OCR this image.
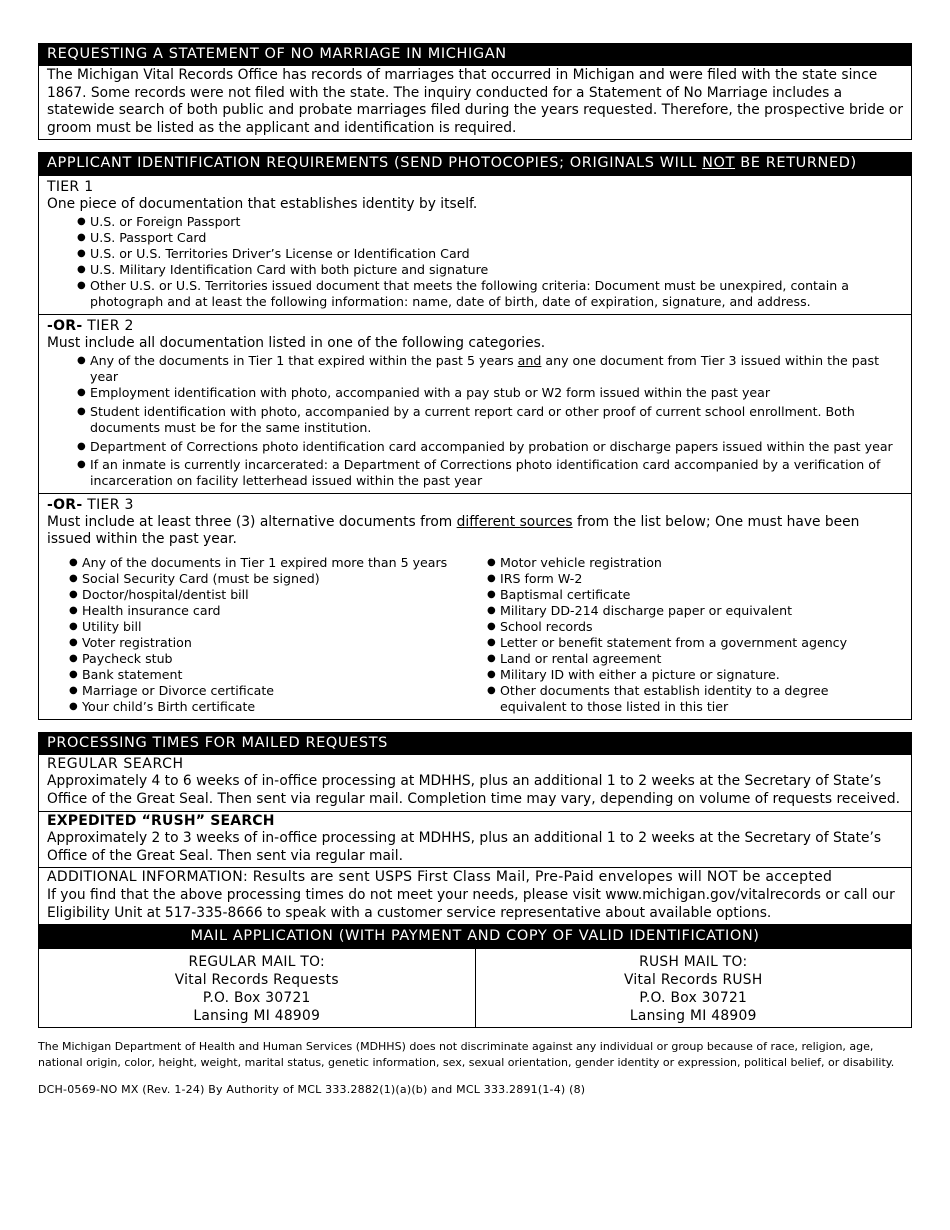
REQUESTING A STATEMENT OF NO MARRIAGE IN MICHIGAN
The Michigan Vital Records Office has records of marriages that occurred in Michigan and were filed with the state since 1867. Some records were not filed with the state. The inquiry conducted for a Statement of No Marriage includes a statewide search of both public and probate marriages filed during the years requested. Therefore, the prospective bride or groom must be listed as the applicant and identification is required.
APPLICANT IDENTIFICATION REQUIREMENTS (SEND PHOTOCOPIES; ORIGINALS WILL NOT BE RETURNED)
TIER 1
One piece of documentation that establishes identity by itself.
● U.S. or Foreign Passport
● U.S. Passport Card
● U.S. or U.S. Territories Driver’s License or Identification Card
● U.S. Military Identification Card with both picture and signature
● Other U.S. or U.S. Territories issued document that meets the following criteria: Document must be unexpired, contain a photograph and at least the following information: name, date of birth, date of expiration, signature, and address.
-OR- TIER 2
Must include all documentation listed in one of the following categories.
● Any of the documents in Tier 1 that expired within the past 5 years and any one document from Tier 3 issued within the past year
● Employment identification with photo, accompanied with a pay stub or W2 form issued within the past year
● Student identification with photo, accompanied by a current report card or other proof of current school enrollment. Both documents must be for the same institution.
● Department of Corrections photo identification card accompanied by probation or discharge papers issued within the past year
● If an inmate is currently incarcerated: a Department of Corrections photo identification card accompanied by a verification of incarceration on facility letterhead issued within the past year
-OR- TIER 3
Must include at least three (3) alternative documents from different sources from the list below; One must have been issued within the past year.
● Any of the documents in Tier 1 expired more than 5 years
● Social Security Card (must be signed)
● Doctor/hospital/dentist bill
● Health insurance card
● Utility bill
● Voter registration
● Paycheck stub
● Bank statement
● Marriage or Divorce certificate
● Your child’s Birth certificate
● Motor vehicle registration
● IRS form W-2
● Baptismal certificate
● Military DD-214 discharge paper or equivalent
● School records
● Letter or benefit statement from a government agency
● Land or rental agreement
● Military ID with either a picture or signature.
● Other documents that establish identity to a degree equivalent to those listed in this tier
PROCESSING TIMES FOR MAILED REQUESTS
REGULAR SEARCH
Approximately 4 to 6 weeks of in-office processing at MDHHS, plus an additional 1 to 2 weeks at the Secretary of State’s Office of the Great Seal. Then sent via regular mail. Completion time may vary, depending on volume of requests received.
EXPEDITED “RUSH” SEARCH
Approximately 2 to 3 weeks of in-office processing at MDHHS, plus an additional 1 to 2 weeks at the Secretary of State’s Office of the Great Seal. Then sent via regular mail.
ADDITIONAL INFORMATION: Results are sent USPS First Class Mail, Pre-Paid envelopes will NOT be accepted
If you find that the above processing times do not meet your needs, please visit www.michigan.gov/vitalrecords or call our Eligibility Unit at 517-335-8666 to speak with a customer service representative about available options.
MAIL APPLICATION (WITH PAYMENT AND COPY OF VALID IDENTIFICATION)
REGULAR MAIL TO:
Vital Records Requests
P.O. Box 30721
Lansing MI 48909
RUSH MAIL TO:
Vital Records RUSH
P.O. Box 30721
Lansing MI 48909
The Michigan Department of Health and Human Services (MDHHS) does not discriminate against any individual or group because of race, religion, age, national origin, color, height, weight, marital status, genetic information, sex, sexual orientation, gender identity or expression, political belief, or disability.
DCH-0569-NO MX (Rev. 1-24) By Authority of MCL 333.2882(1)(a)(b) and MCL 333.2891(1-4) (8)
